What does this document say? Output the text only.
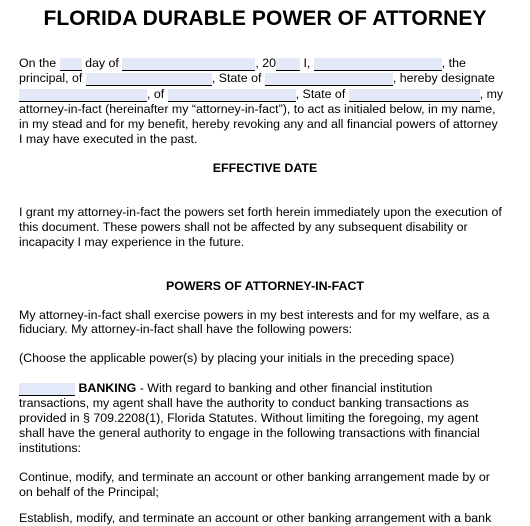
FLORIDA DURABLE POWER OF ATTORNEY
On the day of	, 20 I,	, the
principal, of	, State of	, hereby designate
, of	, State of	, my
attorney-in-fact (hereinafter my “attorney-in-fact”), to act as initialed below, in my name,
in my stead and for my benefit, hereby revoking any and all financial powers of attorney
I may have executed in the past.
EFFECTIVE DATE
I grant my attorney-in-fact the powers set forth herein immediately upon the execution of
this document. These powers shall not be affected by any subsequent disability or
incapacity I may experience in the future.
POWERS OF ATTORNEY-IN-FACT
My attorney-in-fact shall exercise powers in my best interests and for my welfare, as a
fiduciary. My attorney-in-fact shall have the following powers:
(Choose the applicable power(s) by placing your initials in the preceding space)
BANKING - With regard to banking and other financial institution
transactions, my agent shall have the authority to conduct banking transactions as
provided in § 709.2208(1), Florida Statutes. Without limiting the foregoing, my agent
shall have the general authority to engage in the following transactions with financial
institutions:
Continue, modify, and terminate an account or other banking arrangement made by or
on behalf of the Principal;
Establish, modify, and terminate an account or other banking arrangement with a bank
